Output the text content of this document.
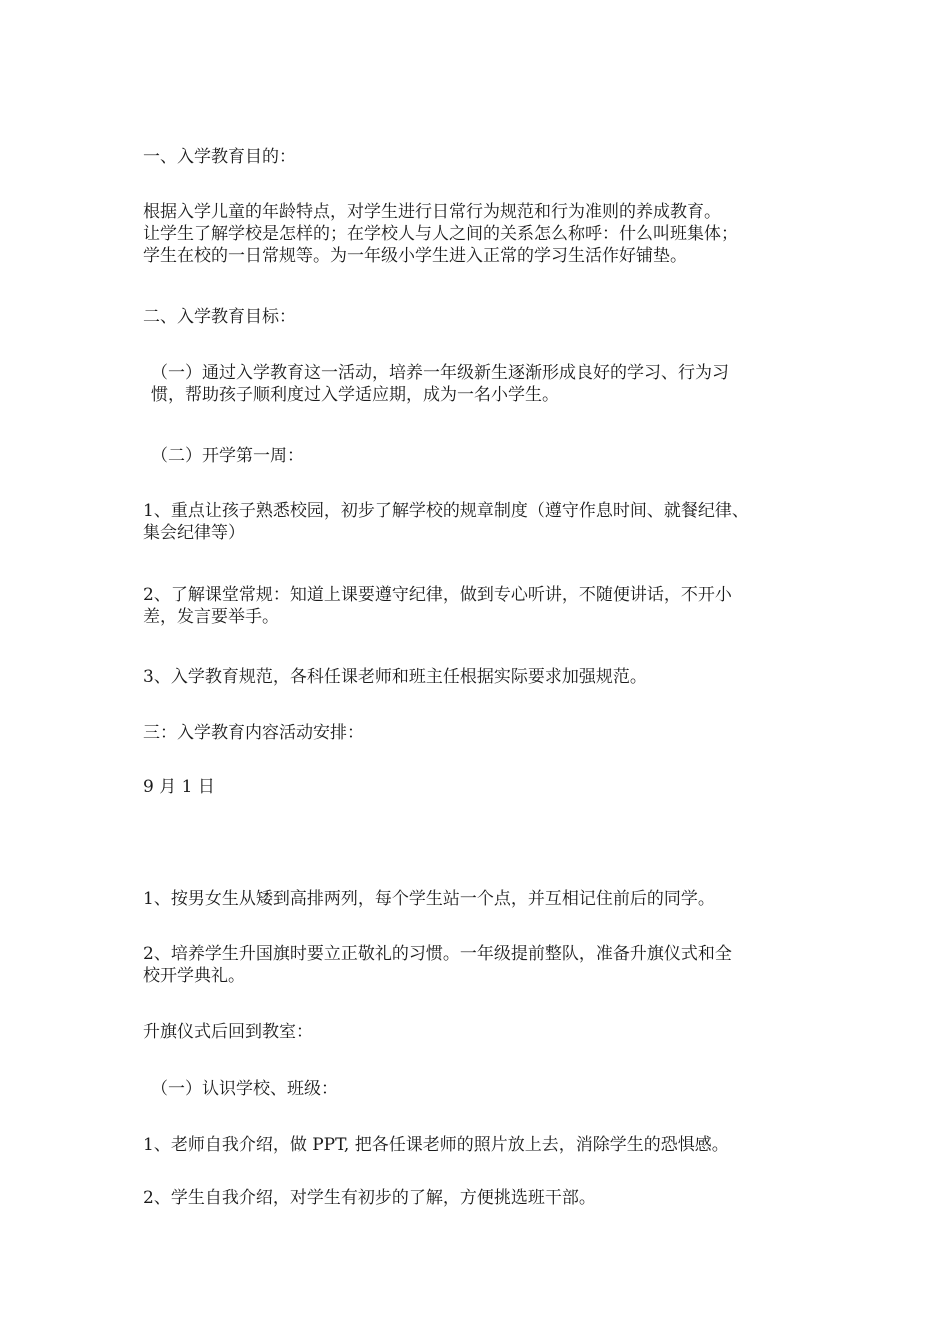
一、入学教育目的：

根据入学儿童的年龄特点，对学生进行日常行为规范和行为准则的养成教育。
让学生了解学校是怎样的；在学校人与人之间的关系怎么称呼：什么叫班集体；
学生在校的一日常规等。为一年级小学生进入正常的学习生活作好铺垫。

二、入学教育目标：

（一）通过入学教育这一活动，培养一年级新生逐渐形成良好的学习、行为习
惯，帮助孩子顺利度过入学适应期，成为一名小学生。

（二）开学第一周：

1、重点让孩子熟悉校园，初步了解学校的规章制度（遵守作息时间、就餐纪律、
集会纪律等）

2、了解课堂常规：知道上课要遵守纪律，做到专心听讲，不随便讲话，不开小
差，发言要举手。

3、入学教育规范，各科任课老师和班主任根据实际要求加强规范。

三：入学教育内容活动安排：

9 月 1 日

1、按男女生从矮到高排两列，每个学生站一个点，并互相记住前后的同学。

2、培养学生升国旗时要立正敬礼的习惯。一年级提前整队，准备升旗仪式和全
校开学典礼。

升旗仪式后回到教室：

（一）认识学校、班级：

1、老师自我介绍，做 PPT, 把各任课老师的照片放上去，消除学生的恐惧感。

2、学生自我介绍，对学生有初步的了解，方便挑选班干部。
